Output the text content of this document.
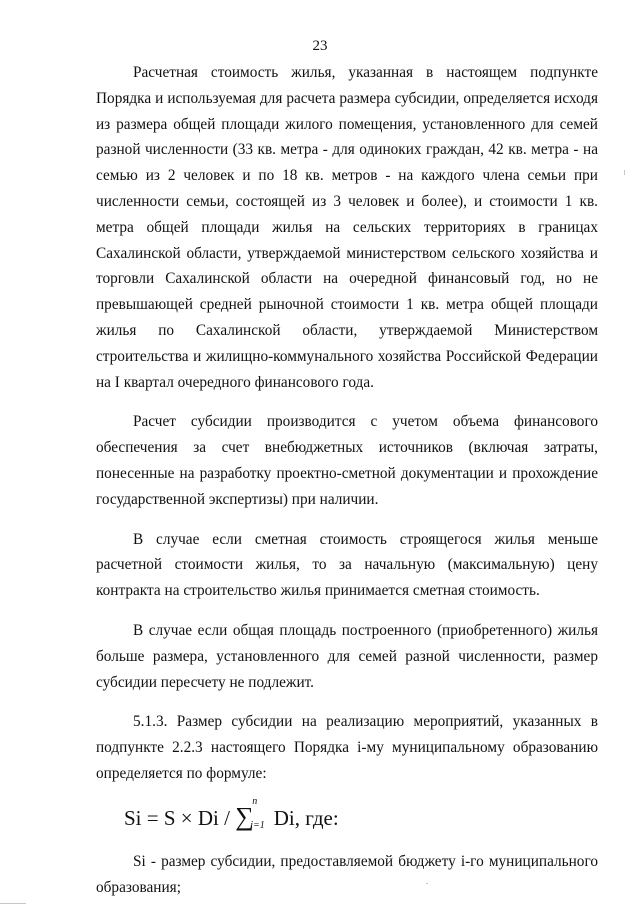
23

Расчетная стоимость жилья, указанная в настоящем подпункте Порядка и используемая для расчета размера субсидии, определяется исходя из размера общей площади жилого помещения, установленного для семей разной численности (33 кв. метра - для одиноких граждан, 42 кв. метра - на семью из 2 человек и по 18 кв. метров - на каждого члена семьи при численности семьи, состоящей из 3 человек и более), и стоимости 1 кв. метра общей площади жилья на сельских территориях в границах Сахалинской области, утверждаемой министерством сельского хозяйства и торговли Сахалинской области на очередной финансовый год, но не превышающей средней рыночной стоимости 1 кв. метра общей площади жилья по Сахалинской области, утверждаемой Министерством строительства и жилищно-коммунального хозяйства Российской Федерации на I квартал очередного финансового года.

Расчет субсидии производится с учетом объема финансового обеспечения за счет внебюджетных источников (включая затраты, понесенные на разработку проектно-сметной документации и прохождение государственной экспертизы) при наличии.

В случае если сметная стоимость строящегося жилья меньше расчетной стоимости жилья, то за начальную (максимальную) цену контракта на строительство жилья принимается сметная стоимость.

В случае если общая площадь построенного (приобретенного) жилья больше размера, установленного для семей разной численности, размер субсидии пересчету не подлежит.

5.1.3. Размер субсидии на реализацию мероприятий, указанных в подпункте 2.2.3 настоящего Порядка i-му муниципальному образованию определяется по формуле:

Si = S × Di / ∑
n
i=1 Di, где:

Si - размер субсидии, предоставляемой бюджету i-го муниципального образования;
